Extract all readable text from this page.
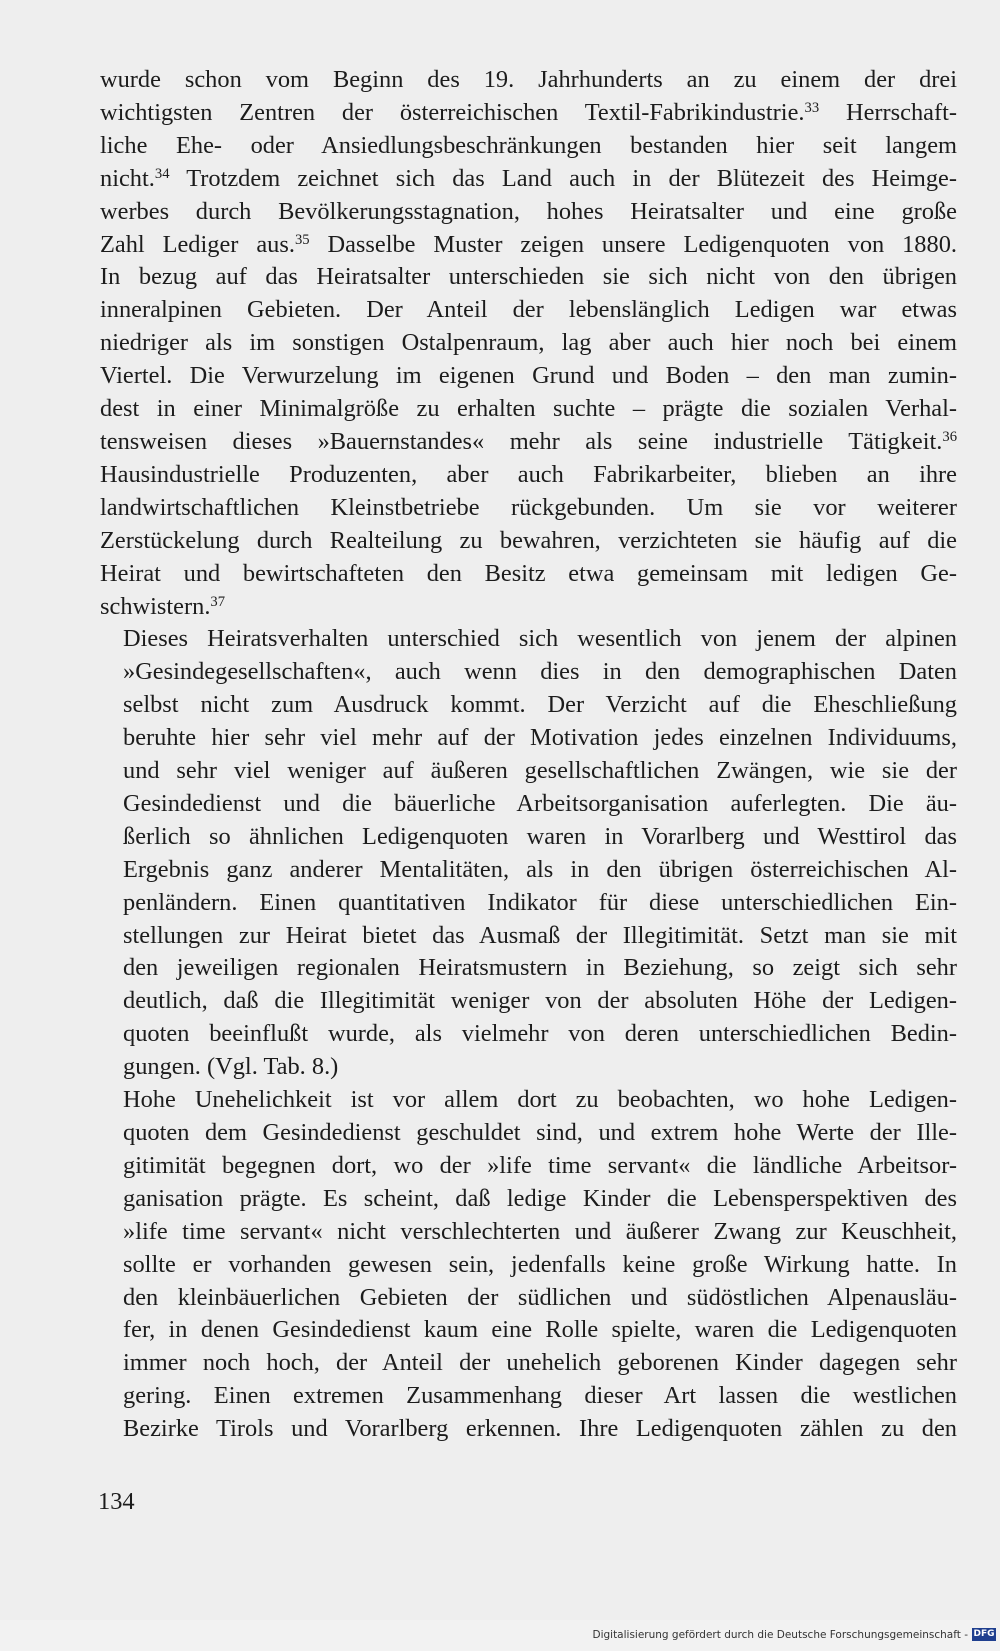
wurde schon vom Beginn des 19. Jahrhunderts an zu einem der drei
wichtigsten Zentren der österreichischen Textil-Fabrikindustrie.$^{33}$ Herrschaft-
liche Ehe- oder Ansiedlungsbeschränkungen bestanden hier seit langem
nicht.$^{34}$ Trotzdem zeichnet sich das Land auch in der Blütezeit des Heimge-
werbes durch Bevölkerungsstagnation, hohes Heiratsalter und eine große
Zahl Lediger aus.$^{35}$ Dasselbe Muster zeigen unsere Ledigenquoten von 1880.
In bezug auf das Heiratsalter unterschieden sie sich nicht von den übrigen
inneralpinen Gebieten. Der Anteil der lebenslänglich Ledigen war etwas
niedriger als im sonstigen Ostalpenraum, lag aber auch hier noch bei einem
Viertel. Die Verwurzelung im eigenen Grund und Boden – den man zumin-
dest in einer Minimalgröße zu erhalten suchte – prägte die sozialen Verhal-
tensweisen dieses »Bauernstandes« mehr als seine industrielle Tätigkeit.$^{36}$
Hausindustrielle Produzenten, aber auch Fabrikarbeiter, blieben an ihre
landwirtschaftlichen Kleinstbetriebe rückgebunden. Um sie vor weiterer
Zerstückelung durch Realteilung zu bewahren, verzichteten sie häufig auf die
Heirat und bewirtschafteten den Besitz etwa gemeinsam mit ledigen Ge-
schwistern.$^{37}$

Dieses Heiratsverhalten unterschied sich wesentlich von jenem der alpinen
»Gesindegesellschaften«, auch wenn dies in den demographischen Daten
selbst nicht zum Ausdruck kommt. Der Verzicht auf die Eheschließung
beruhte hier sehr viel mehr auf der Motivation jedes einzelnen Individuums,
und sehr viel weniger auf äußeren gesellschaftlichen Zwängen, wie sie der
Gesindedienst und die bäuerliche Arbeitsorganisation auferlegten. Die äu-
ßerlich so ähnlichen Ledigenquoten waren in Vorarlberg und Westtirol das
Ergebnis ganz anderer Mentalitäten, als in den übrigen österreichischen Al-
penländern. Einen quantitativen Indikator für diese unterschiedlichen Ein-
stellungen zur Heirat bietet das Ausmaß der Illegitimität. Setzt man sie mit
den jeweiligen regionalen Heiratsmustern in Beziehung, so zeigt sich sehr
deutlich, daß die Illegitimität weniger von der absoluten Höhe der Ledigen-
quoten beeinflußt wurde, als vielmehr von deren unterschiedlichen Bedin-
gungen. (Vgl. Tab. 8.)

Hohe Unehelichkeit ist vor allem dort zu beobachten, wo hohe Ledigen-
quoten dem Gesindedienst geschuldet sind, und extrem hohe Werte der Ille-
gitimität begegnen dort, wo der »life time servant« die ländliche Arbeitsor-
ganisation prägte. Es scheint, daß ledige Kinder die Lebensperspektiven des
»life time servant« nicht verschlechterten und äußerer Zwang zur Keuschheit,
sollte er vorhanden gewesen sein, jedenfalls keine große Wirkung hatte. In
den kleinbäuerlichen Gebieten der südlichen und südöstlichen Alpenausläu-
fer, in denen Gesindedienst kaum eine Rolle spielte, waren die Ledigenquoten
immer noch hoch, der Anteil der unehelich geborenen Kinder dagegen sehr
gering. Einen extremen Zusammenhang dieser Art lassen die westlichen
Bezirke Tirols und Vorarlberg erkennen. Ihre Ledigenquoten zählen zu den

134
Digitalisierung gefördert durch die Deutsche Forschungsgemeinschaft - DFG
